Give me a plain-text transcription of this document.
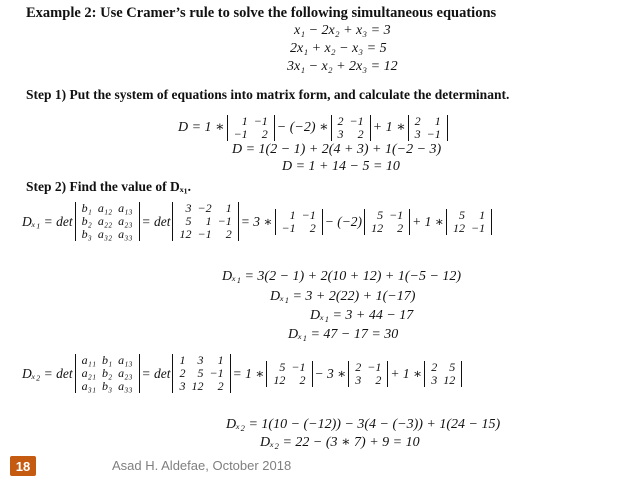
Example 2: Use Cramer’s rule to solve the following simultaneous equations
x₁ − 2x₂ + x₃ = 3
2x₁ + x₂ − x₃ = 5
3x₁ − x₂ + 2x₃ = 12
Step 1) Put the system of equations into matrix form, and calculate the determinant.
D = 1 ∗ 1
−1
−1
2 − (−2) ∗ 2
3
−1
2 + 1 ∗ 2
3
1
−1
D = 1(2 − 1) + 2(4 + 3) + 1(−2 − 3)
D = 1 + 14 − 5 = 10
Step 2) Find the value of Dₓ₁.
Dₓ₁ = det
b₁
b₂
b₃
a₁₂
a₂₂
a₃₂
a₁₃
a₂₃
a₃₃
= det
3
5
12
−2
1
−1
1
−1
2
= 3 ∗ 1
−1
−1
2 − (−2) 5
12
−1
2 + 1 ∗ 5
12
1
−1
Dₓ₁ = 3(2 − 1) + 2(10 + 12) + 1(−5 − 12)
Dₓ₁ = 3 + 2(22) + 1(−17)
Dₓ₁ = 3 + 44 − 17
Dₓ₁ = 47 − 17 = 30
Dₓ₂ = det
a₁₁
a₂₁
a₃₁
b₁
b₂
b₃
a₁₃
a₂₃
a₃₃
= det
1
2
3
3
5
12
1
−1
2
= 1 ∗ 5
12
−1
2 − 3 ∗ 2
3
−1
2 + 1 ∗ 2
3
5
12
Dₓ₂ = 1(10 − (−12)) − 3(4 − (−3)) + 1(24 − 15)
Dₓ₂ = 22 − (3 ∗ 7) + 9 = 10
18	Asad H. Aldefae, October 2018
